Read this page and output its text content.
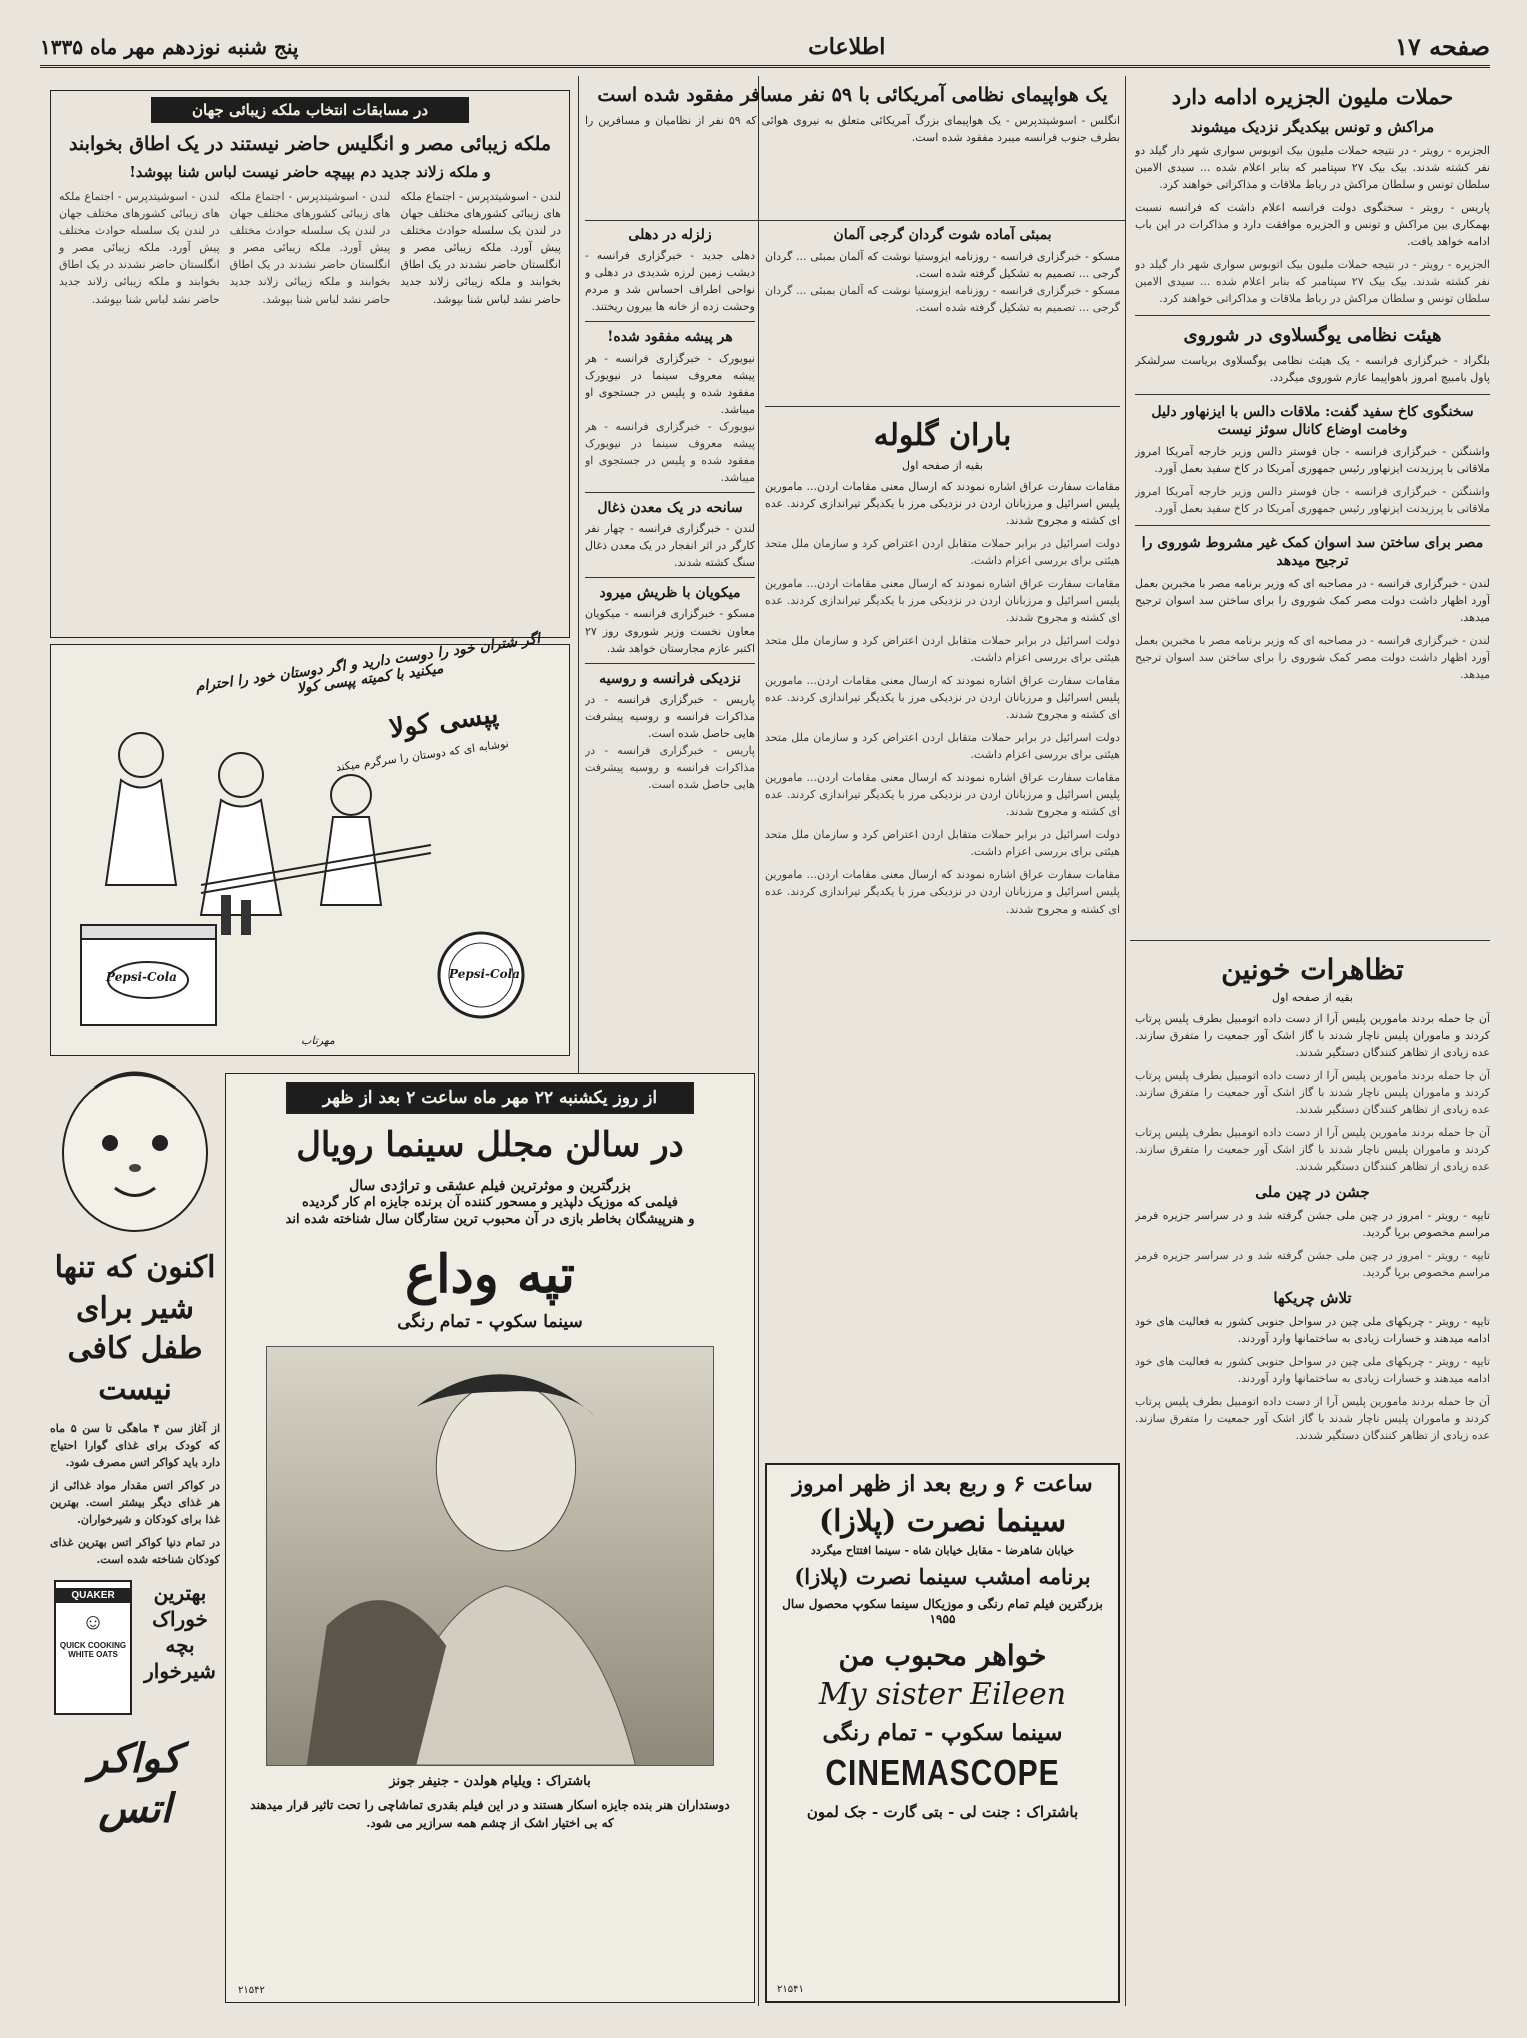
صفحه ۱۷
اطلاعات
پنج شنبه نوزدهم مهر ماه ۱۳۳۵
حملات ملیون الجزیره ادامه دارد
مراکش و تونس بیکدیگر نزدیک میشوند

الجزیره - رویتر - در نتیجه حملات ملیون بیک اتوبوس سواری شهر دار گیلد دو نفر کشته شدند. بیک بیک ۲۷ سپتامبر که بنابر اعلام شده ... سیدی الامین سلطان تونس و سلطان مراکش در رباط ملاقات و مذاکراتی خواهند کرد.

پاریس - رویتر - سخنگوی دولت فرانسه اعلام داشت که فرانسه نسبت بهمکاری بین مراکش و تونس و الجزیره موافقت دارد و مذاکرات در این باب ادامه خواهد یافت.

الجزیره - رویتر - در نتیجه حملات ملیون بیک اتوبوس سواری شهر دار گیلد دو نفر کشته شدند. بیک بیک ۲۷ سپتامبر که بنابر اعلام شده ... سیدی الامین سلطان تونس و سلطان مراکش در رباط ملاقات و مذاکراتی خواهند کرد.

هیئت نظامی یوگسلاوی در شوروی

بلگراد - خبرگزاری فرانسه - یک هیئت نظامی یوگسلاوی بریاست سرلشکر پاول بامبیچ امروز باهواپیما عازم شوروی میگردد.

سخنگوی کاخ سفید گفت: ملاقات دالس با ایزنهاور دلیل وخامت اوضاع کانال سوئز نیست

واشنگتن - خبرگزاری فرانسه - جان فوستر دالس وزیر خارجه آمریکا امروز ملاقاتی با پرزیدنت ایزنهاور رئیس جمهوری آمریکا در کاخ سفید بعمل آورد.

واشنگتن - خبرگزاری فرانسه - جان فوستر دالس وزیر خارجه آمریکا امروز ملاقاتی با پرزیدنت ایزنهاور رئیس جمهوری آمریکا در کاخ سفید بعمل آورد.

مصر برای ساختن سد اسوان کمک غیر مشروط شوروی را ترجیح میدهد

لندن - خبرگزاری فرانسه - در مصاحبه ای که وزیر برنامه مصر با مخبرین بعمل آورد اظهار داشت دولت مصر کمک شوروی را برای ساختن سد اسوان ترجیح میدهد.

لندن - خبرگزاری فرانسه - در مصاحبه ای که وزیر برنامه مصر با مخبرین بعمل آورد اظهار داشت دولت مصر کمک شوروی را برای ساختن سد اسوان ترجیح میدهد.

تظاهرات خونین
بقیه از صفحه اول

آن جا حمله بردند مامورین پلیس آرا از دست داده اتومبیل بطرف پلیس پرتاب کردند و ماموران پلیس ناچار شدند با گاز اشک آور جمعیت را متفرق سازند. عده زیادی از تظاهر کنندگان دستگیر شدند.

آن جا حمله بردند مامورین پلیس آرا از دست داده اتومبیل بطرف پلیس پرتاب کردند و ماموران پلیس ناچار شدند با گاز اشک آور جمعیت را متفرق سازند. عده زیادی از تظاهر کنندگان دستگیر شدند.

آن جا حمله بردند مامورین پلیس آرا از دست داده اتومبیل بطرف پلیس پرتاب کردند و ماموران پلیس ناچار شدند با گاز اشک آور جمعیت را متفرق سازند. عده زیادی از تظاهر کنندگان دستگیر شدند.

جشن در چین ملی

تایپه - رویتر - امروز در چین ملی جشن گرفته شد و در سراسر جزیره فرمز مراسم مخصوص برپا گردید.

تایپه - رویتر - امروز در چین ملی جشن گرفته شد و در سراسر جزیره فرمز مراسم مخصوص برپا گردید.

تلاش چریکها

تایپه - رویتر - چریکهای ملی چین در سواحل جنوبی کشور به فعالیت های خود ادامه میدهند و خسارات زیادی به ساختمانها وارد آوردند.

تایپه - رویتر - چریکهای ملی چین در سواحل جنوبی کشور به فعالیت های خود ادامه میدهند و خسارات زیادی به ساختمانها وارد آوردند.

آن جا حمله بردند مامورین پلیس آرا از دست داده اتومبیل بطرف پلیس پرتاب کردند و ماموران پلیس ناچار شدند با گاز اشک آور جمعیت را متفرق سازند. عده زیادی از تظاهر کنندگان دستگیر شدند.

یک هواپیمای نظامی آمریکائی با ۵۹ نفر مسافر مفقود شده است

انگلس - اسوشیتدپرس - یک هواپیمای بزرگ آمریکائی متعلق به نیروی هوائی که ۵۹ نفر از نظامیان و مسافرین را بطرف جنوب فرانسه میبرد مفقود شده است.

بمبئی آماده شوت گردان گرجی آلمان

مسکو - خبرگزاری فرانسه - روزنامه ایزوستیا نوشت که آلمان بمبئی ... گردان گرجی ... تصمیم به تشکیل گرفته شده است.

مسکو - خبرگزاری فرانسه - روزنامه ایزوستیا نوشت که آلمان بمبئی ... گردان گرجی ... تصمیم به تشکیل گرفته شده است.

باران گلوله
بقیه از صفحه اول

مقامات سفارت عراق اشاره نمودند که ارسال معنی مقامات اردن... مامورین پلیس اسرائیل و مرزبانان اردن در نزدیکی مرز با یکدیگر تیراندازی کردند. عده ای کشته و مجروح شدند.

دولت اسرائیل در برابر حملات متقابل اردن اعتراض کرد و سازمان ملل متحد هیئتی برای بررسی اعزام داشت.

مقامات سفارت عراق اشاره نمودند که ارسال معنی مقامات اردن... مامورین پلیس اسرائیل و مرزبانان اردن در نزدیکی مرز با یکدیگر تیراندازی کردند. عده ای کشته و مجروح شدند.

دولت اسرائیل در برابر حملات متقابل اردن اعتراض کرد و سازمان ملل متحد هیئتی برای بررسی اعزام داشت.

مقامات سفارت عراق اشاره نمودند که ارسال معنی مقامات اردن... مامورین پلیس اسرائیل و مرزبانان اردن در نزدیکی مرز با یکدیگر تیراندازی کردند. عده ای کشته و مجروح شدند.

دولت اسرائیل در برابر حملات متقابل اردن اعتراض کرد و سازمان ملل متحد هیئتی برای بررسی اعزام داشت.

مقامات سفارت عراق اشاره نمودند که ارسال معنی مقامات اردن... مامورین پلیس اسرائیل و مرزبانان اردن در نزدیکی مرز با یکدیگر تیراندازی کردند. عده ای کشته و مجروح شدند.

دولت اسرائیل در برابر حملات متقابل اردن اعتراض کرد و سازمان ملل متحد هیئتی برای بررسی اعزام داشت.

مقامات سفارت عراق اشاره نمودند که ارسال معنی مقامات اردن... مامورین پلیس اسرائیل و مرزبانان اردن در نزدیکی مرز با یکدیگر تیراندازی کردند. عده ای کشته و مجروح شدند.

زلزله در دهلی

دهلی جدید - خبرگزاری فرانسه - دیشب زمین لرزه شدیدی در دهلی و نواحی اطراف احساس شد و مردم وحشت زده از خانه ها بیرون ریختند.

هر پیشه مفقود شده!

نیویورک - خبرگزاری فرانسه - هر پیشه معروف سینما در نیویورک مفقود شده و پلیس در جستجوی او میباشد.

نیویورک - خبرگزاری فرانسه - هر پیشه معروف سینما در نیویورک مفقود شده و پلیس در جستجوی او میباشد.

سانحه در یک معدن ذغال

لندن - خبرگزاری فرانسه - چهار نفر کارگر در اثر انفجار در یک معدن ذغال سنگ کشته شدند.

میکویان با ظریش میرود

مسکو - خبرگزاری فرانسه - میکویان معاون نخست وزیر شوروی روز ۲۷ اکتبر عازم مجارستان خواهد شد.

نزدیکی فرانسه و روسیه

پاریس - خبرگزاری فرانسه - در مذاکرات فرانسه و روسیه پیشرفت هایی حاصل شده است.

پاریس - خبرگزاری فرانسه - در مذاکرات فرانسه و روسیه پیشرفت هایی حاصل شده است.

در مسابقات انتخاب ملکه زیبائی جهان
ملکه زیبائی مصر و انگلیس حاضر نیستند در یک اطاق بخوابند
و ملکه زلاند جدید دم بپیچه حاضر نیست لباس شنا بپوشد!

لندن - اسوشیتدپرس - اجتماع ملکه های زیبائی کشورهای مختلف جهان در لندن یک سلسله حوادث مختلف پیش آورد. ملکه زیبائی مصر و انگلستان حاضر نشدند در یک اطاق بخوابند و ملکه زیبائی زلاند جدید حاضر نشد لباس شنا بپوشد.

لندن - اسوشیتدپرس - اجتماع ملکه های زیبائی کشورهای مختلف جهان در لندن یک سلسله حوادث مختلف پیش آورد. ملکه زیبائی مصر و انگلستان حاضر نشدند در یک اطاق بخوابند و ملکه زیبائی زلاند جدید حاضر نشد لباس شنا بپوشد.

لندن - اسوشیتدپرس - اجتماع ملکه های زیبائی کشورهای مختلف جهان در لندن یک سلسله حوادث مختلف پیش آورد. ملکه زیبائی مصر و انگلستان حاضر نشدند در یک اطاق بخوابند و ملکه زیبائی زلاند جدید حاضر نشد لباس شنا بپوشد.

اگر شتران خود را دوست دارید و اگر دوستان خود را احترام میکنید با کمیته پپسی کولا
پپسی کولا
نوشابه ای که دوستان را سرگرم میکند
Pepsi-Cola	Pepsi-Cola
مهرتاب
از روز یکشنبه ۲۲ مهر ماه ساعت ۲ بعد از ظهر
در سالن مجلل سینما رویال
بزرگترین و موثرترین فیلم عشقی و تراژدی سال
فیلمی که موزیک دلپذیر و مسحور کننده آن برنده جایزه ام کار گردیده
و هنرپیشگان بخاطر بازی در آن محبوب ترین ستارگان سال شناخته شده اند
تپه وداع
سینما سکوپ - تمام رنگی
باشتراک : ویلیام هولدن - جنیفر جونز
دوستداران هنر بنده جایزه اسکار هستند و در این فیلم بقدری تماشاچی را تحت تاثیر قرار میدهند که بی اختیار اشک از چشم همه سرازیر می شود.
۲۱۵۴۲
ساعت ۶ و ربع بعد از ظهر امروز
سینما نصرت (پلازا)
خیابان شاهرضا - مقابل خیابان شاه - سینما افتتاح میگردد
برنامه امشب سینما نصرت (پلازا)
بزرگترین فیلم تمام رنگی و موزیکال سینما سکوپ محصول سال ۱۹۵۵
خواهر محبوب من
My sister Eileen
سینما سکوپ - تمام رنگی
CINEMASCOPE
باشتراک : جنت لی - بتی گارت - جک لمون
۲۱۵۴۱
اکنون که تنها شیر برای طفل کافی نیست

از آغاز سن ۴ ماهگی تا سن ۵ ماه که کودک برای غذای گوارا احتیاج دارد باید کواکر اتس مصرف شود.

در کواکر اتس مقدار مواد غذائی از هر غذای دیگر بیشتر است. بهترین غذا برای کودکان و شیرخواران.

در تمام دنیا کواکر اتس بهترین غذای کودکان شناخته شده است.

QUAKER
☺
QUICK COOKING
WHITE OATS
بهترین خوراک بچه شیرخوار
کواکر اتس
